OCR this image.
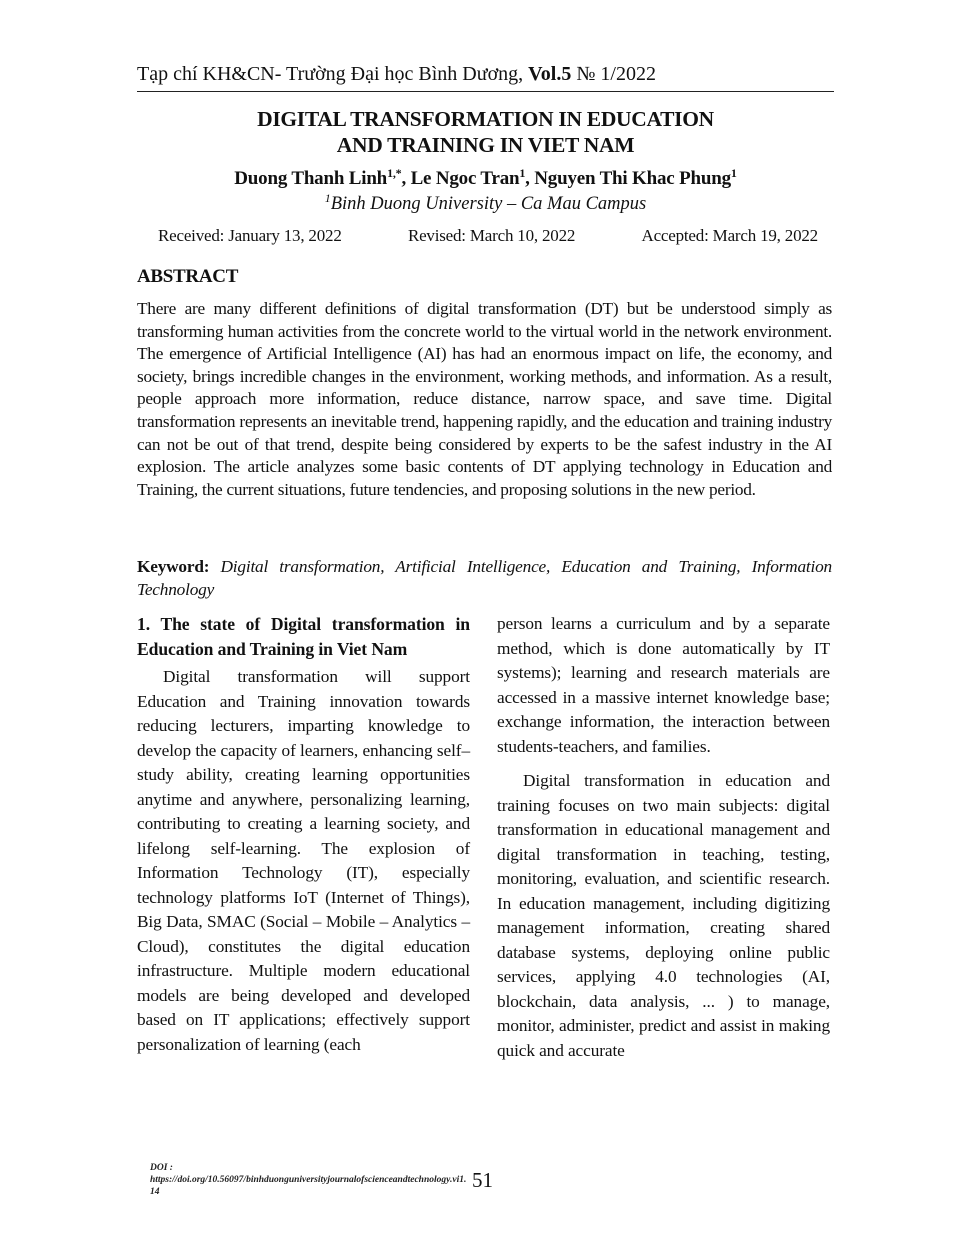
Tạp chí KH&CN- Trường Đại học Bình Dương, Vol.5 № 1/2022
DIGITAL TRANSFORMATION IN EDUCATION
AND TRAINING IN VIET NAM
Duong Thanh Linh$^{1,*}$, Le Ngoc Tran$^1$, Nguyen Thi Khac Phung$^1$
$^1$Binh Duong University – Ca Mau Campus
Received: January 13, 2022	Revised: March 10, 2022	Accepted: March 19, 2022
ABSTRACT
There are many different definitions of digital transformation (DT) but be understood simply as transforming human activities from the concrete world to the virtual world in the network environment. The emergence of Artificial Intelligence (AI) has had an enormous impact on life, the economy, and society, brings incredible changes in the environment, working methods, and information. As a result, people approach more information, reduce distance, narrow space, and save time. Digital transformation represents an inevitable trend, happening rapidly, and the education and training industry can not be out of that trend, despite being considered by experts to be the safest industry in the AI explosion. The article analyzes some basic contents of DT applying technology in Education and Training, the current situations, future tendencies, and proposing solutions in the new period.
Keyword: Digital transformation, Artificial Intelligence, Education and Training, Information Technology
1. The state of Digital transformation in Education and Training in Viet Nam

Digital transformation will support Education and Training innovation towards reducing lecturers, imparting knowledge to develop the capacity of learners, enhancing self–study ability, creating learning opportunities anytime and anywhere, personalizing learning, contributing to creating a learning society, and lifelong self-learning. The explosion of Information Technology (IT), especially technology platforms IoT (Internet of Things), Big Data, SMAC (Social – Mobile – Analytics – Cloud), constitutes the digital education infrastructure. Multiple modern educational models are being developed and developed based on IT applications; effectively support personalization of learning (each

person learns a curriculum and by a separate method, which is done automatically by IT systems); learning and research materials are accessed in a massive internet knowledge base; exchange information, the interaction between students-teachers, and families.

Digital transformation in education and training focuses on two main subjects: digital transformation in educational management and digital transformation in teaching, testing, monitoring, evaluation, and scientific research. In education management, including digitizing management information, creating shared database systems, deploying online public services, applying 4.0 technologies (AI, blockchain, data analysis, ... ) to manage, monitor, administer, predict and assist in making quick and accurate

DOI :
https://doi.org/10.56097/binhduonguniversityjournalofscienceandtechnology.vi1.14	51
